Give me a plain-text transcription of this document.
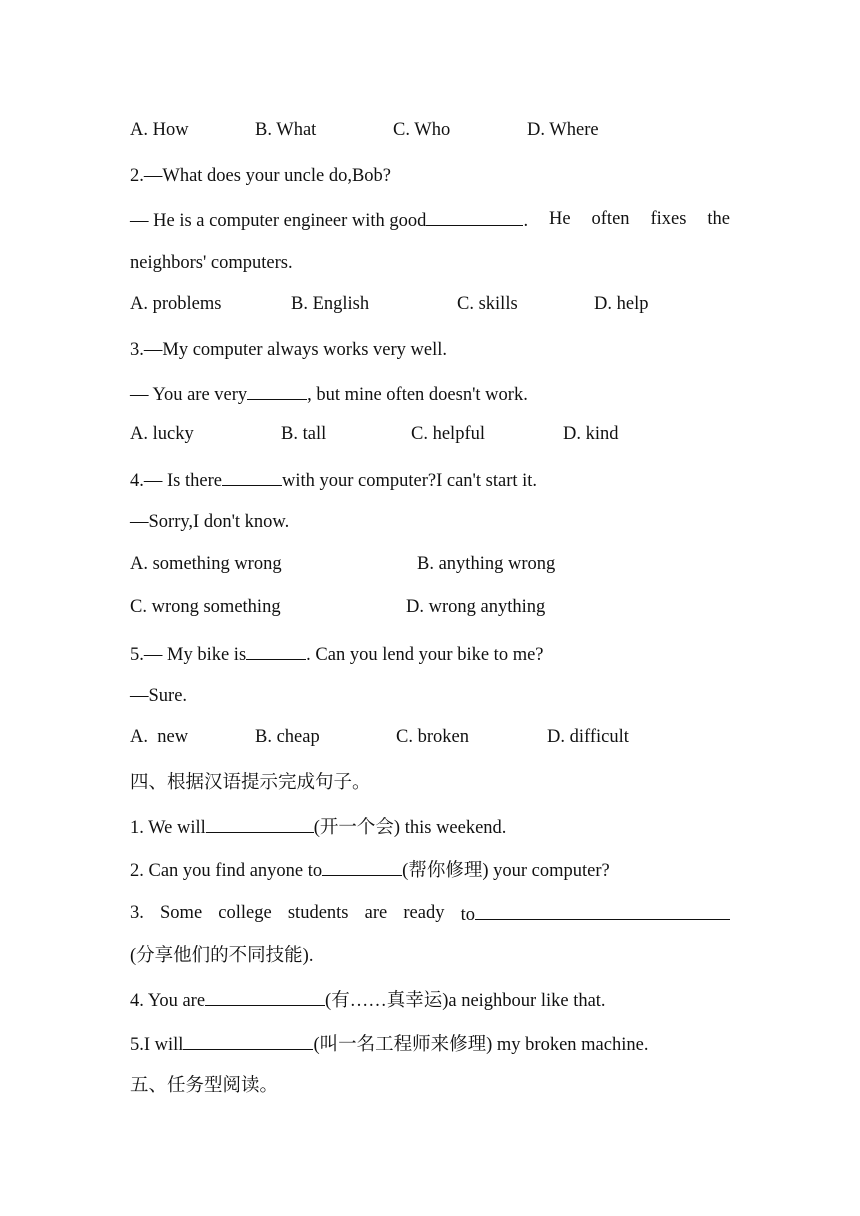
A. How	B. What	C. Who	D. Where
2.—What does your uncle do,Bob?
— He is a computer engineer with good	. He often fixes the
neighbors' computers.
A. problems	B. English	C. skills	D. help
3.—My computer always works very well.
— You are very	, but mine often doesn't work.
A. lucky	B. tall	C. helpful	D. kind
4.— Is there	with your computer?I can't start it.
—Sorry,I don't know.
A. something wrong	B. anything wrong
C. wrong something	D. wrong anything
5.— My bike is	. Can you lend your bike to me?
—Sure.
A.  new	B. cheap	C. broken	D. difficult
四、根据汉语提示完成句子。
1. We will	(开一个会) this weekend.
2. Can you find anyone to	(帮你修理) your computer?
3. Some college students are ready to
(分享他们的不同技能).
4. You are	(有……真幸运)a neighbour like that.
5.I will	(叫一名工程师来修理) my broken machine.
五、任务型阅读。
